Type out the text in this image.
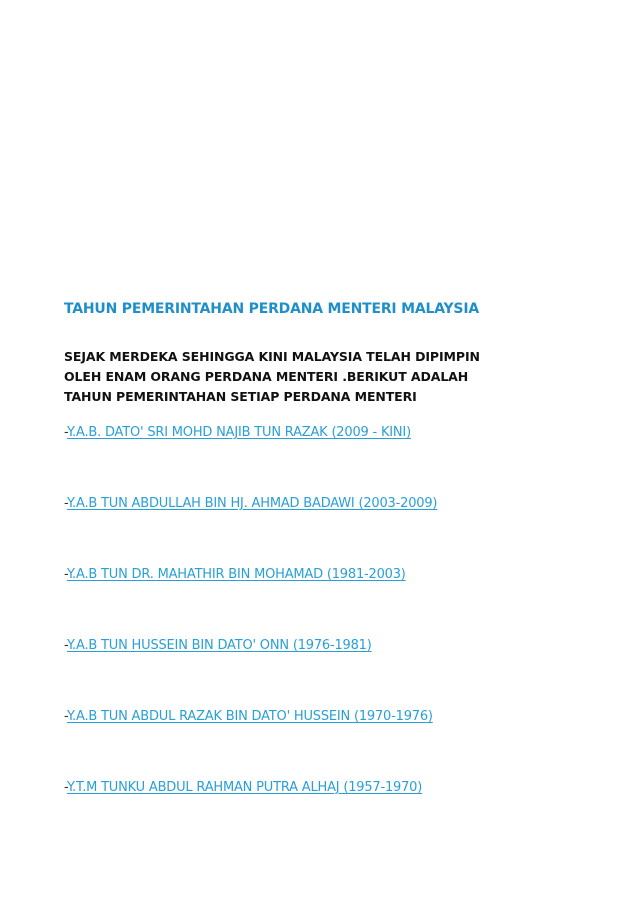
TAHUN PEMERINTAHAN PERDANA MENTERI MALAYSIA
SEJAK MERDEKA SEHINGGA KINI MALAYSIA TELAH DIPIMPIN
OLEH ENAM ORANG PERDANA MENTERI .BERIKUT ADALAH
TAHUN PEMERINTAHAN SETIAP PERDANA MENTERI
-Y.A.B. DATO' SRI MOHD NAJIB TUN RAZAK (2009 - KINI)
-Y.A.B TUN ABDULLAH BIN HJ. AHMAD BADAWI (2003-2009)
-Y.A.B TUN DR. MAHATHIR BIN MOHAMAD (1981-2003)
-Y.A.B TUN HUSSEIN BIN DATO' ONN (1976-1981)
-Y.A.B TUN ABDUL RAZAK BIN DATO' HUSSEIN (1970-1976)
-Y.T.M TUNKU ABDUL RAHMAN PUTRA ALHAJ (1957-1970)
